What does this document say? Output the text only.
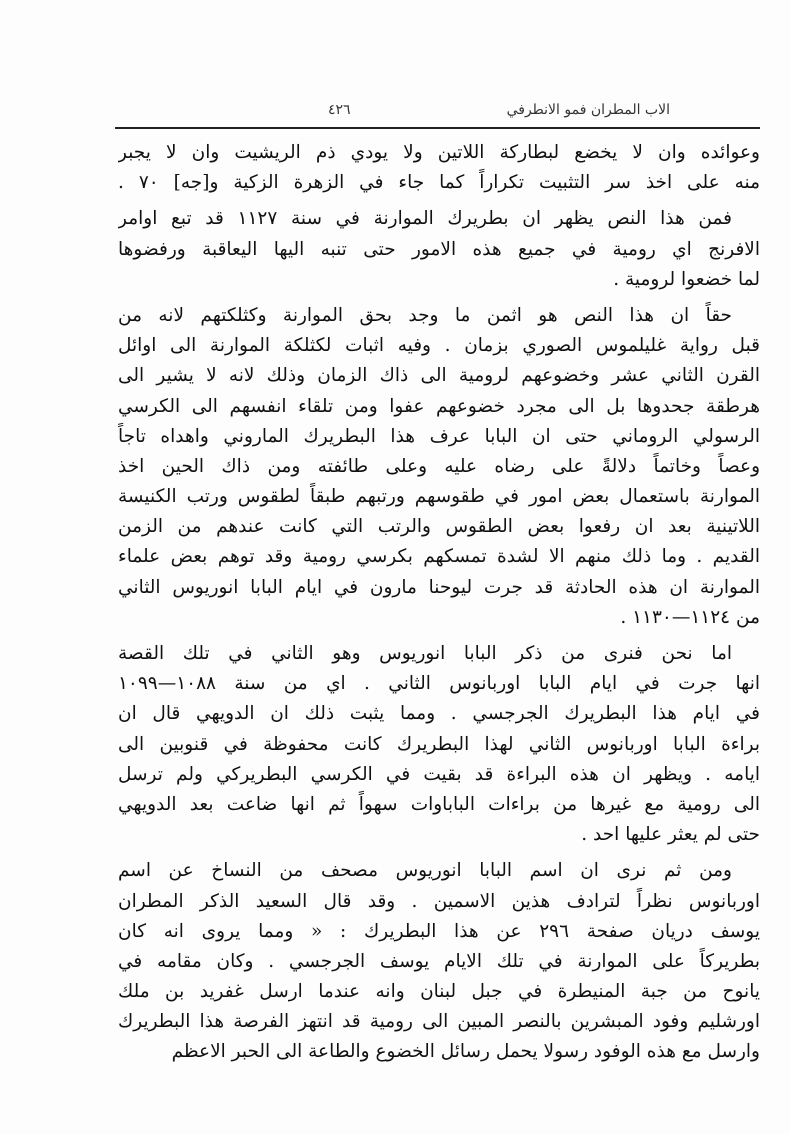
الاب المطران فمو الانطرفي
٤٢٦
وعوائده وان لا يخضع لبطاركة اللاتين ولا يودي ذم الريشيت وان لا يجبر
منه على اخذ سر التثبيت تكراراً كما جاء في الزهرة الزكية و[جه] ٧٠ .
فمن هذا النص يظهر ان بطريرك الموارنة في سنة ١١٢٧ قد تبع اوامر
الافرنج اي رومية في جميع هذه الامور حتى تنبه اليها اليعاقبة ورفضوها
لما خضعوا لرومية .
حقاً ان هذا النص هو اثمن ما وجد بحق الموارنة وكثلكتهم لانه من
قبل رواية غليلموس الصوري بزمان . وفيه اثبات لكثلكة الموارنة الى اوائل
القرن الثاني عشر وخضوعهم لرومية الى ذاك الزمان وذلك لانه لا يشير الى
هرطقة جحدوها بل الى مجرد خضوعهم عفوا ومن تلقاء انفسهم الى الكرسي
الرسولي الروماني حتى ان البابا عرف هذا البطريرك الماروني واهداه تاجاً
وعصاً وخاتماً دلالةً على رضاه عليه وعلى طائفته ومن ذاك الحين اخذ
الموارنة باستعمال بعض امور في طقوسهم ورتبهم طبقاً لطقوس ورتب الكنيسة
اللاتينية بعد ان رفعوا بعض الطقوس والرتب التي كانت عندهم من الزمن
القديم . وما ذلك منهم الا لشدة تمسكهم بكرسي رومية وقد توهم بعض علماء
الموارنة ان هذه الحادثة قد جرت ليوحنا مارون في ايام البابا انوريوس الثاني
من ١١٢٤—١١٣٠ .
اما نحن فنرى من ذكر البابا انوريوس وهو الثاني في تلك القصة
انها جرت في ايام البابا اوربانوس الثاني . اي من سنة ١٠٨٨—١٠٩٩
في ايام هذا البطريرك الجرجسي . ومما يثبت ذلك ان الدويهي قال ان
براءة البابا اوربانوس الثاني لهذا البطريرك كانت محفوظة في قنوبين الى
ايامه . ويظهر ان هذه البراءة قد بقيت في الكرسي البطريركي ولم ترسل
الى رومية مع غيرها من براءات الباباوات سهواً ثم انها ضاعت بعد الدويهي
حتى لم يعثر عليها احد .
ومن ثم نرى ان اسم البابا انوريوس مصحف من النساخ عن اسم
اوربانوس نظراً لترادف هذين الاسمين . وقد قال السعيد الذكر المطران
يوسف دريان صفحة ٢٩٦ عن هذا البطريرك : « ومما يروى انه كان
بطريركاً على الموارنة في تلك الايام يوسف الجرجسي . وكان مقامه في
يانوح من جبة المنيطرة في جبل لبنان وانه عندما ارسل غفريد بن ملك
اورشليم وفود المبشرين بالنصر المبين الى رومية قد انتهز الفرصة هذا البطريرك
وارسل مع هذه الوفود رسولا يحمل رسائل الخضوع والطاعة الى الحبر الاعظم
